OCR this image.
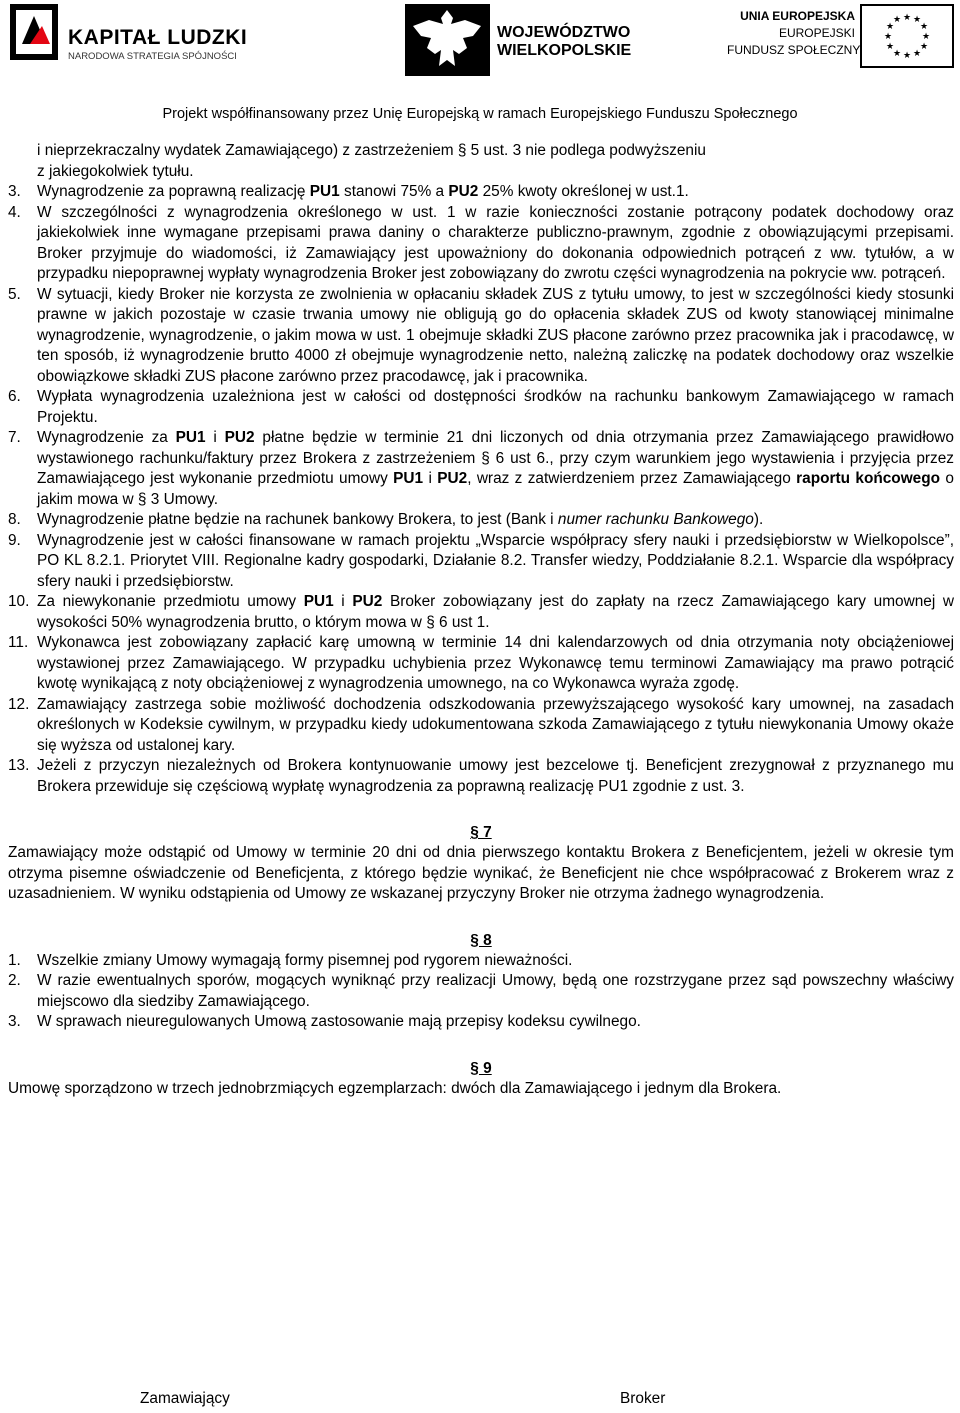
KAPITAŁ LUDZKI
NARODOWA STRATEGIA SPÓJNOŚCI
WOJEWÓDZTWO
WIELKOPOLSKIE
UNIA EUROPEJSKA
EUROPEJSKI
FUNDUSZ SPOŁECZNY
★ ★
★
★
★
★
★
★
★
★
★
★
Projekt współfinansowany przez Unię Europejską w ramach Europejskiego Funduszu Społecznego

i nieprzekraczalny wydatek Zamawiającego) z zastrzeżeniem § 5 ust. 3 nie podlega podwyższeniu

z jakiegokolwiek tytułu.

3.	Wynagrodzenie za poprawną realizację PU1 stanowi 75% a PU2 25% kwoty określonej w ust.1.
4.	W szczególności z wynagrodzenia określonego w ust. 1 w razie konieczności zostanie potrącony podatek dochodowy oraz jakiekolwiek inne wymagane przepisami prawa daniny o charakterze publiczno-prawnym, zgodnie z obowiązującymi przepisami. Broker przyjmuje do wiadomości, iż Zamawiający jest upoważniony do dokonania odpowiednich potrąceń z ww. tytułów, a w przypadku niepoprawnej wypłaty wynagrodzenia Broker jest zobowiązany do zwrotu części wynagrodzenia na pokrycie ww. potrąceń.
5.	W sytuacji, kiedy Broker nie korzysta ze zwolnienia w opłacaniu składek ZUS z tytułu umowy, to jest w szczególności kiedy stosunki prawne w jakich pozostaje w czasie trwania umowy nie obligują go do opłacenia składek ZUS od kwoty stanowiącej minimalne wynagrodzenie, wynagrodzenie, o jakim mowa w ust. 1 obejmuje składki ZUS płacone zarówno przez pracownika jak i pracodawcę, w ten sposób, iż wynagrodzenie brutto 4000 zł obejmuje wynagrodzenie netto, należną zaliczkę na podatek dochodowy oraz wszelkie obowiązkowe składki ZUS płacone zarówno przez pracodawcę, jak i pracownika.
6.	Wypłata wynagrodzenia uzależniona jest w całości od dostępności środków na rachunku bankowym Zamawiającego w ramach Projektu.
7.	Wynagrodzenie za PU1 i PU2 płatne będzie w terminie 21 dni liczonych od dnia otrzymania przez Zamawiającego prawidłowo wystawionego rachunku/faktury przez Brokera z zastrzeżeniem § 6 ust 6., przy czym warunkiem jego wystawienia i przyjęcia przez Zamawiającego jest wykonanie przedmiotu umowy PU1 i PU2, wraz z zatwierdzeniem przez Zamawiającego raportu końcowego o jakim mowa w § 3 Umowy.
8.	Wynagrodzenie płatne będzie na rachunek bankowy Brokera, to jest (Bank i numer rachunku Bankowego).
9.	Wynagrodzenie jest w całości finansowane w ramach projektu „Wsparcie współpracy sfery nauki i przedsiębiorstw w Wielkopolsce”, PO KL 8.2.1. Priorytet VIII. Regionalne kadry gospodarki, Działanie 8.2. Transfer wiedzy, Poddziałanie 8.2.1. Wsparcie dla współpracy sfery nauki i przedsiębiorstw.
10. Za niewykonanie przedmiotu umowy PU1 i PU2 Broker zobowiązany jest do zapłaty na rzecz Zamawiającego kary umownej w wysokości 50% wynagrodzenia brutto, o którym mowa w § 6 ust 1.
11. Wykonawca jest zobowiązany zapłacić karę umowną w terminie 14 dni kalendarzowych od dnia otrzymania noty obciążeniowej wystawionej przez Zamawiającego. W przypadku uchybienia przez Wykonawcę temu terminowi Zamawiający ma prawo potrącić kwotę wynikającą z noty obciążeniowej z wynagrodzenia umownego, na co Wykonawca wyraża zgodę.
12. Zamawiający zastrzega sobie możliwość dochodzenia odszkodowania przewyższającego wysokość kary umownej, na zasadach określonych w Kodeksie cywilnym, w przypadku kiedy udokumentowana szkoda Zamawiającego z tytułu niewykonania Umowy okaże się wyższa od ustalonej kary.
13. Jeżeli z przyczyn niezależnych od Brokera kontynuowanie umowy jest bezcelowe tj. Beneficjent zrezygnował z przyznanego mu Brokera przewiduje się częściową wypłatę wynagrodzenia za poprawną realizację PU1 zgodnie z ust. 3.
§ 7

Zamawiający może odstąpić od Umowy w terminie 20 dni od dnia pierwszego kontaktu Brokera z Beneficjentem, jeżeli w okresie tym otrzyma pisemne oświadczenie od Beneficjenta, z którego będzie wynikać, że Beneficjent nie chce współpracować z Brokerem wraz z uzasadnieniem. W wyniku odstąpienia od Umowy ze wskazanej przyczyny Broker nie otrzyma żadnego wynagrodzenia.

§ 8
1.	Wszelkie zmiany Umowy wymagają formy pisemnej pod rygorem nieważności.
2.	W razie ewentualnych sporów, mogących wyniknąć przy realizacji Umowy, będą one rozstrzygane przez sąd powszechny właściwy miejscowo dla siedziby Zamawiającego.
3.	W sprawach nieuregulowanych Umową zastosowanie mają przepisy kodeksu cywilnego.
§ 9

Umowę sporządzono w trzech jednobrzmiących egzemplarzach: dwóch dla Zamawiającego i jednym dla Brokera.

Zamawiający	Broker
